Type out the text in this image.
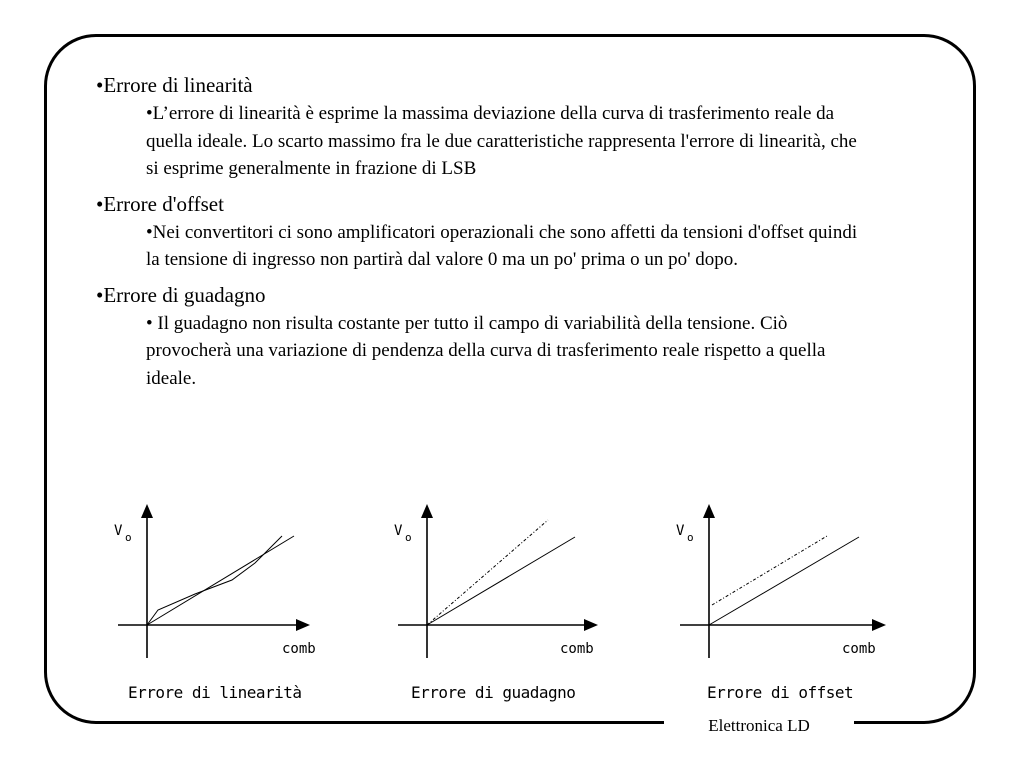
Elettronica LD

•Errore di linearità

•L’errore di linearità è esprime la massima deviazione della curva di trasferimento reale da quella ideale. Lo scarto massimo fra le due caratteristiche rappresenta l'errore di linearità, che si esprime generalmente in frazione di LSB

•Errore d'offset

•Nei convertitori ci sono amplificatori operazionali che sono affetti da tensioni d'offset quindi la tensione di ingresso non partirà dal valore 0 ma un po' prima o un po' dopo.

•Errore di guadagno

• Il guadagno non risulta costante per tutto il campo di variabilità della tensione. Ciò provocherà una variazione di pendenza della curva di trasferimento reale rispetto a quella ideale.

V o
comb
Errore di linearità
V o
comb
Errore di guadagno
V o
comb
Errore di offset
